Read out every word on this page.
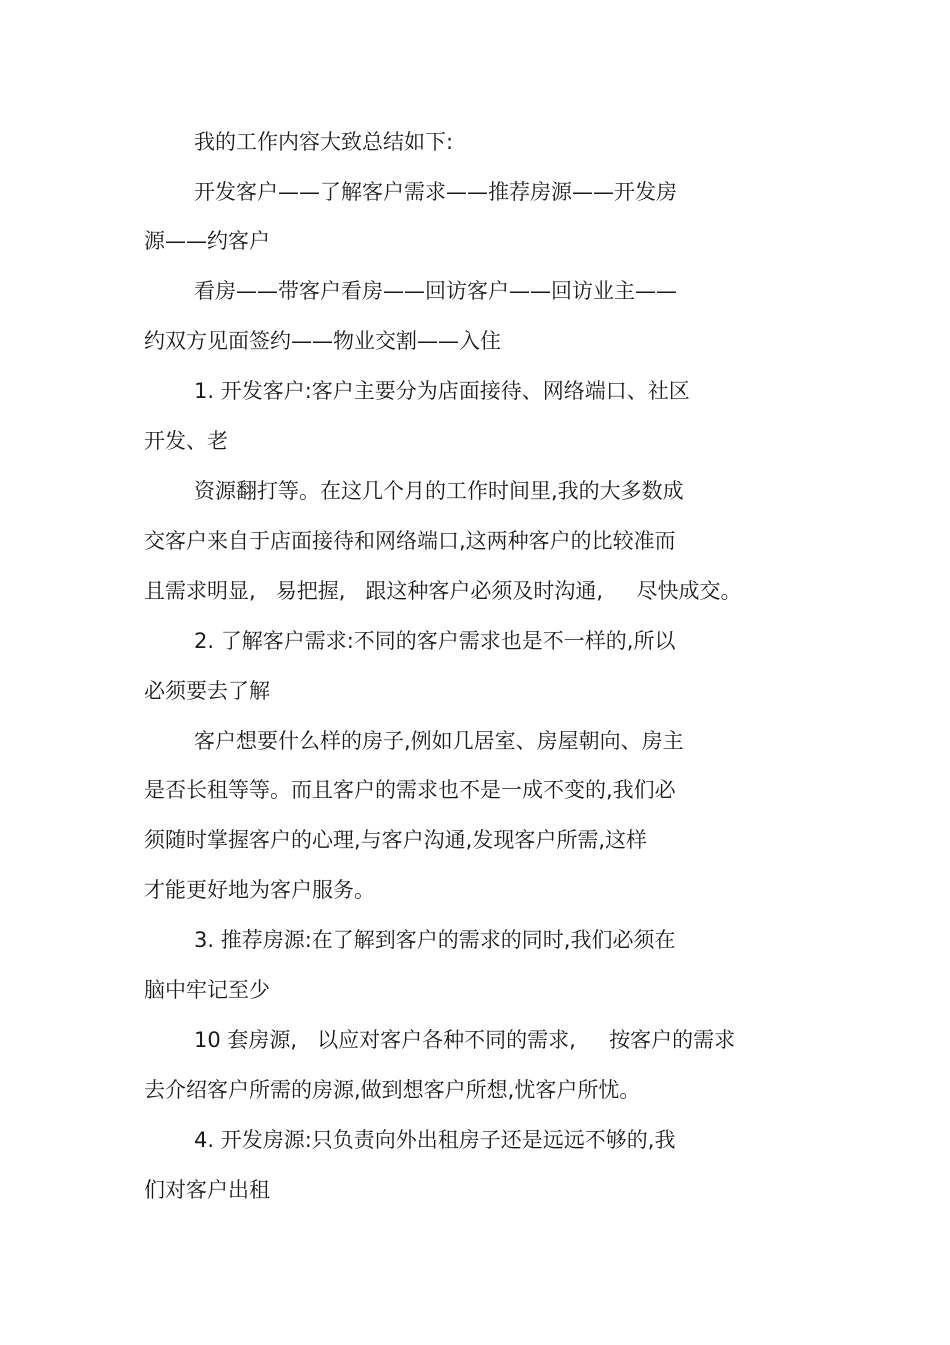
我的工作内容大致总结如下:

开发客户——了解客户需求——推荐房源——开发房

源——约客户

看房——带客户看房——回访客户——回访业主——

约双方见面签约——物业交割——入住

1. 开发客户:客户主要分为店面接待、网络端口、社区

开发、老

资源翻打等。在这几个月的工作时间里,我的大多数成

交客户来自于店面接待和网络端口,这两种客户的比较准而

且需求明显,   易把握,   跟这种客户必须及时沟通,     尽快成交。

2. 了解客户需求:不同的客户需求也是不一样的,所以

必须要去了解

客户想要什么样的房子,例如几居室、房屋朝向、房主

是否长租等等。而且客户的需求也不是一成不变的,我们必

须随时掌握客户的心理,与客户沟通,发现客户所需,这样

才能更好地为客户服务。

3. 推荐房源:在了解到客户的需求的同时,我们必须在

脑中牢记至少

10 套房源,   以应对客户各种不同的需求,     按客户的需求

去介绍客户所需的房源,做到想客户所想,忧客户所忧。

4. 开发房源:只负责向外出租房子还是远远不够的,我

们对客户出租
